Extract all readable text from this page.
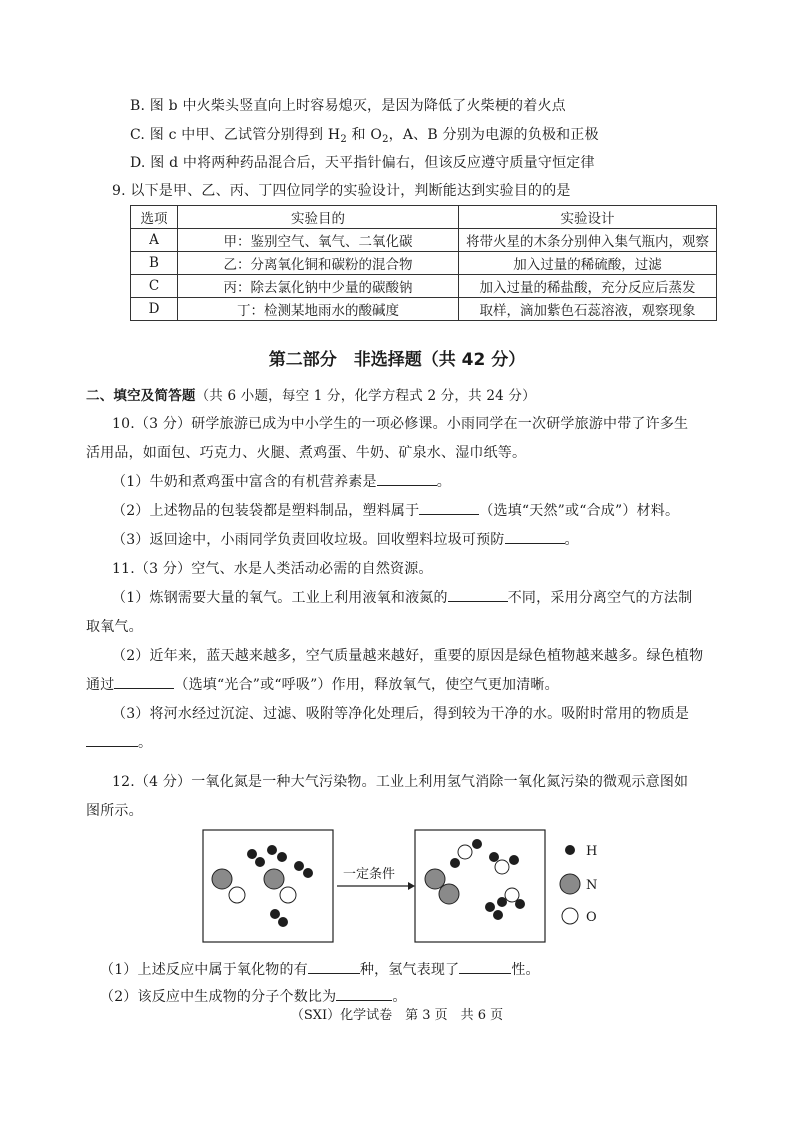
B. 图 b 中火柴头竖直向上时容易熄灭，是因为降低了火柴梗的着火点
C. 图 c 中甲、乙试管分别得到 $H_2$ 和 $O_2$，A、B 分别为电源的负极和正极
D. 图 d 中将两种药品混合后，天平指针偏右，但该反应遵守质量守恒定律
9. 以下是甲、乙、丙、丁四位同学的实验设计，判断能达到实验目的的是
选项	实验目的	实验设计
A	甲：鉴别空气、氧气、二氧化碳	将带火星的木条分别伸入集气瓶内，观察
B	乙：分离氧化铜和碳粉的混合物	加入过量的稀硫酸，过滤
C	丙：除去氯化钠中少量的碳酸钠	加入过量的稀盐酸，充分反应后蒸发
D	丁：检测某地雨水的酸碱度	取样，滴加紫色石蕊溶液，观察现象
第二部分　非选择题（共 42 分）
二、填空及简答题（共 6 小题，每空 1 分，化学方程式 2 分，共 24 分）
10.（3 分）研学旅游已成为中小学生的一项必修课。小雨同学在一次研学旅游中带了许多生
活用品，如面包、巧克力、火腿、煮鸡蛋、牛奶、矿泉水、湿巾纸等。
（1）牛奶和煮鸡蛋中富含的有机营养素是	。
（2）上述物品的包装袋都是塑料制品，塑料属于	（选填“天然”或“合成”）材料。
（3）返回途中，小雨同学负责回收垃圾。回收塑料垃圾可预防	。
11.（3 分）空气、水是人类活动必需的自然资源。
（1）炼钢需要大量的氧气。工业上利用液氧和液氮的	不同，采用分离空气的方法制
取氧气。
（2）近年来，蓝天越来越多，空气质量越来越好，重要的原因是绿色植物越来越多。绿色植物
通过	（选填“光合”或“呼吸”）作用，释放氧气，使空气更加清晰。
（3）将河水经过沉淀、过滤、吸附等净化处理后，得到较为干净的水。吸附时常用的物质是
。
12.（4 分）一氧化氮是一种大气污染物。工业上利用氢气消除一氧化氮污染的微观示意图如
图所示。
一定条件
H
N
O
（1）上述反应中属于氧化物的有	种，氢气表现了	性。
（2）该反应中生成物的分子个数比为	。
（SXI）化学试卷　第 3 页　共 6 页
